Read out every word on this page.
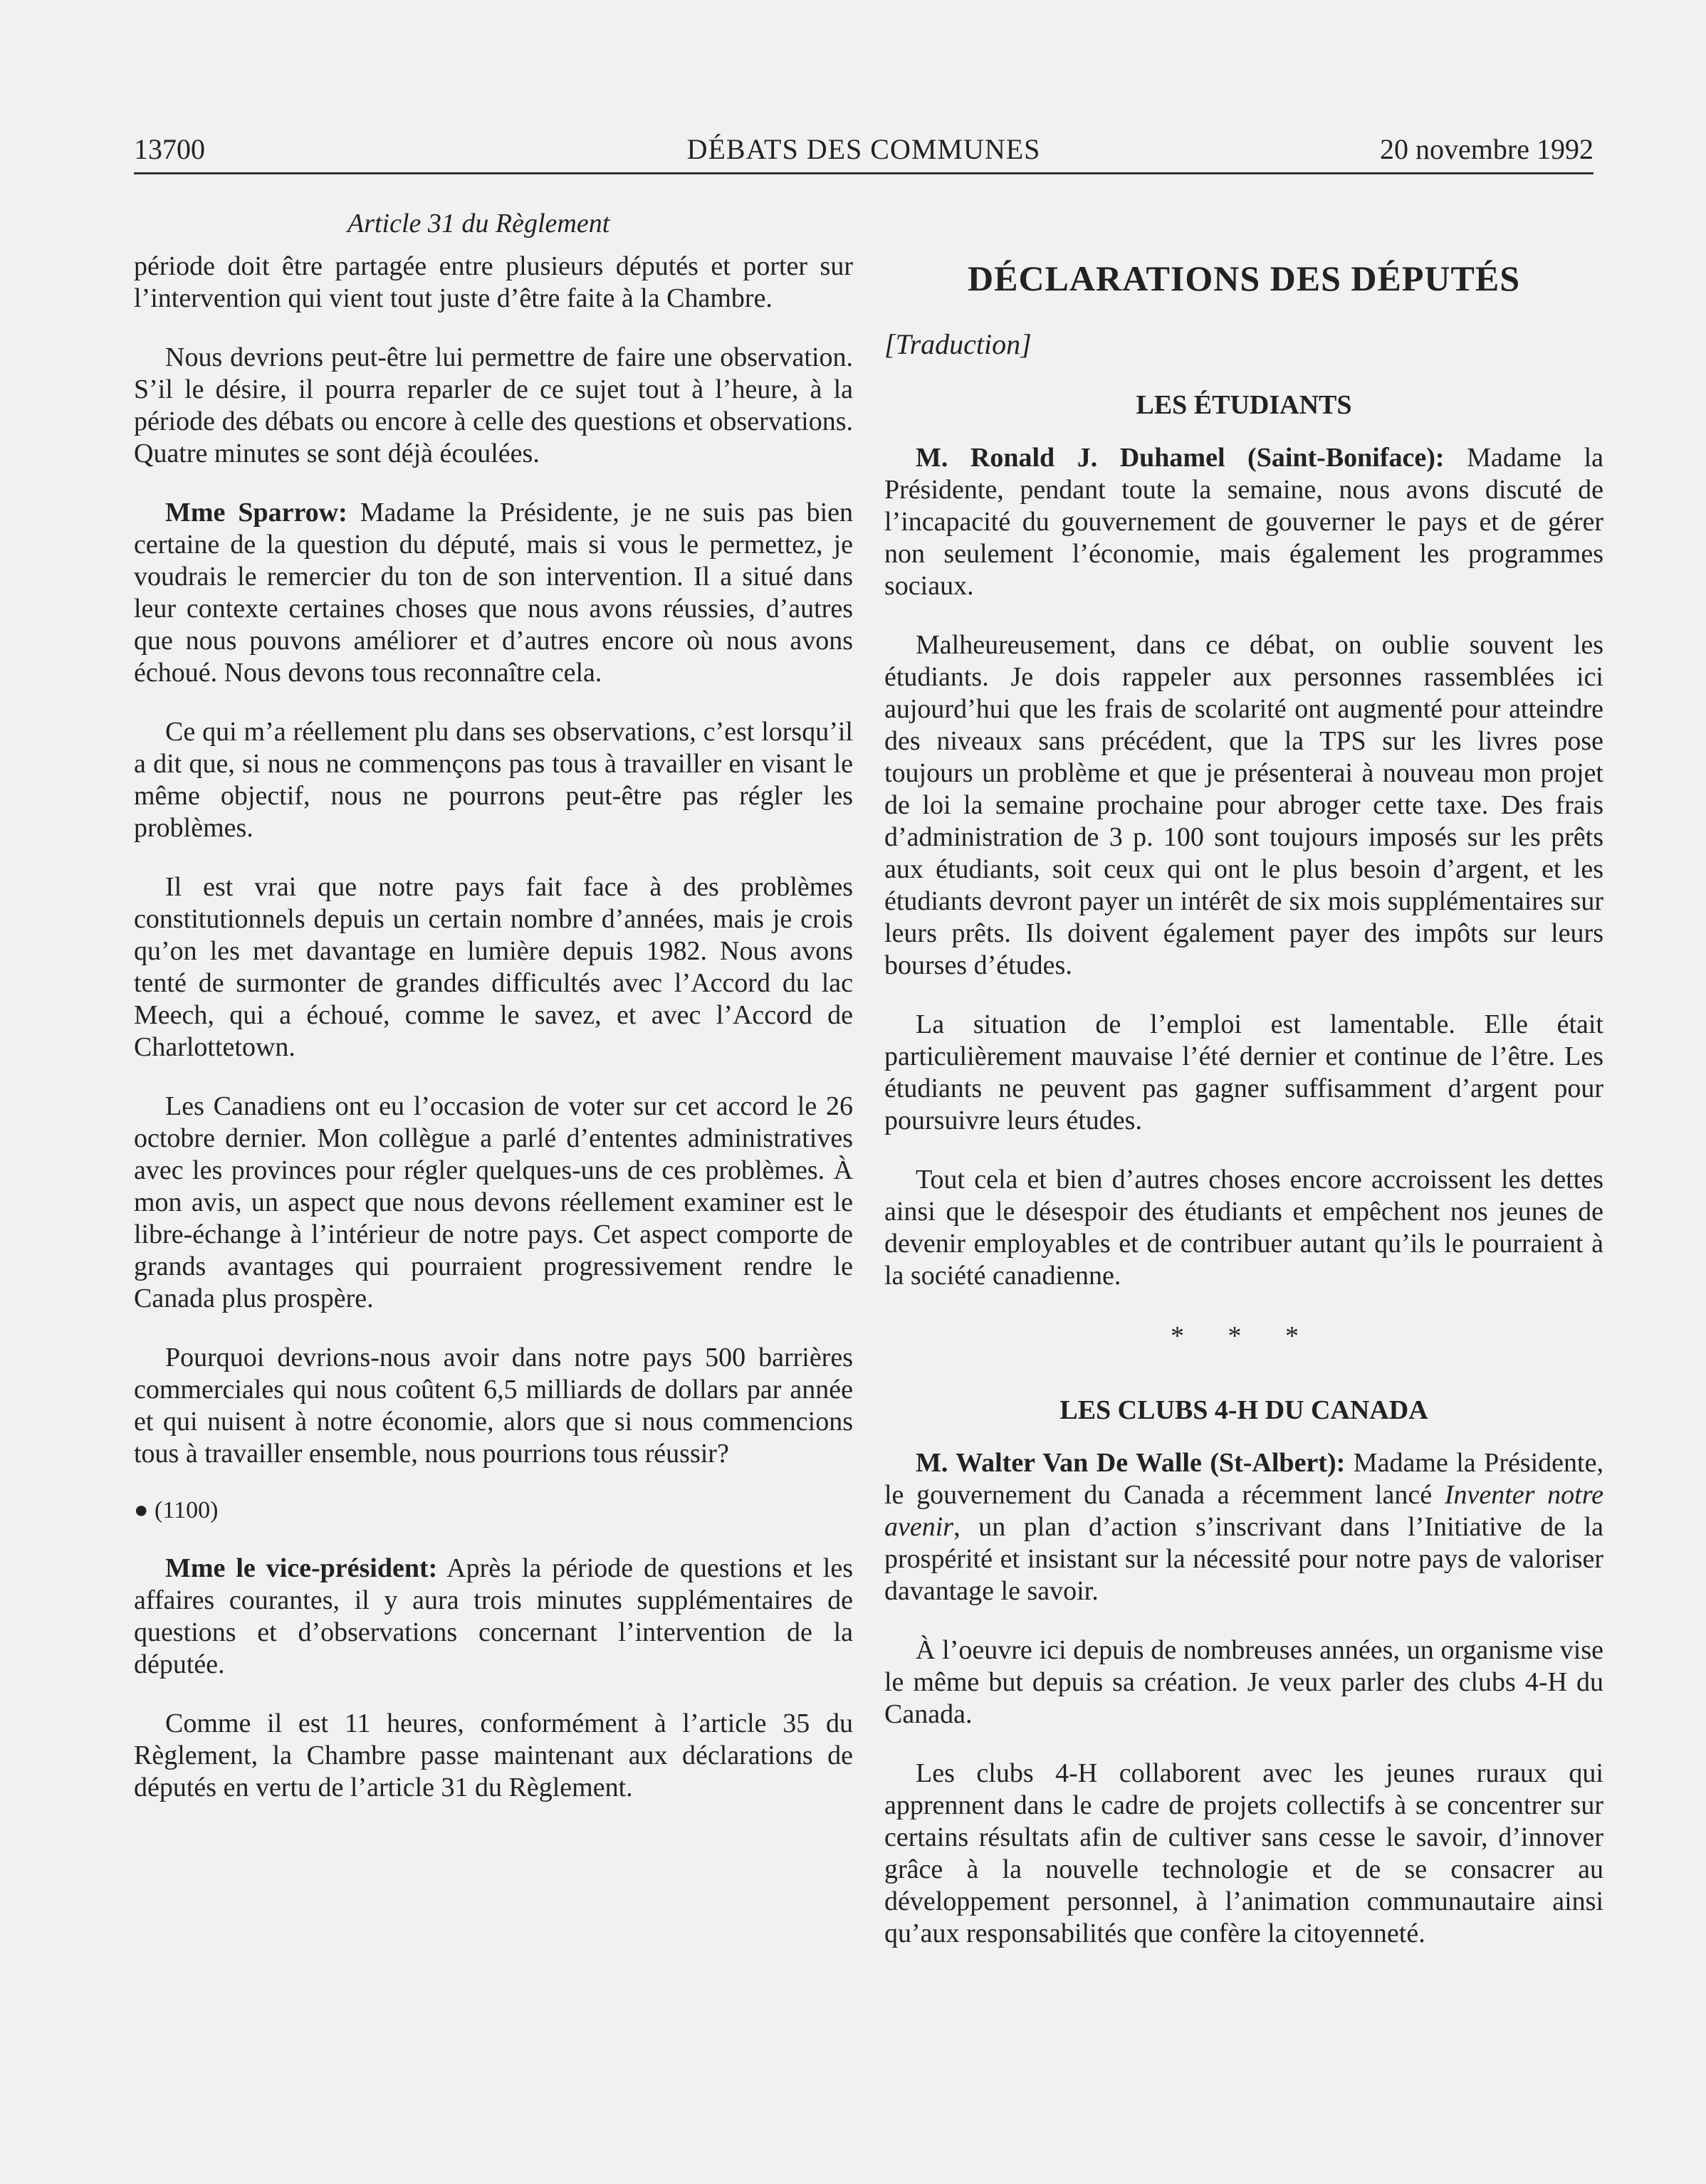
DÉBATS DES COMMUNES
13700	20 novembre 1992
Article 31 du Règlement

période doit être partagée entre plusieurs députés et porter sur l’intervention qui vient tout juste d’être faite à la Chambre.

Nous devrions peut-être lui permettre de faire une observation. S’il le désire, il pourra reparler de ce sujet tout à l’heure, à la période des débats ou encore à celle des questions et observations. Quatre minutes se sont déjà écoulées.

Mme Sparrow: Madame la Présidente, je ne suis pas bien certaine de la question du député, mais si vous le permettez, je voudrais le remercier du ton de son intervention. Il a situé dans leur contexte certaines choses que nous avons réussies, d’autres que nous pouvons améliorer et d’autres encore où nous avons échoué. Nous devons tous reconnaître cela.

Ce qui m’a réellement plu dans ses observations, c’est lorsqu’il a dit que, si nous ne commençons pas tous à travailler en visant le même objectif, nous ne pourrons peut-être pas régler les problèmes.

Il est vrai que notre pays fait face à des problèmes constitutionnels depuis un certain nombre d’années, mais je crois qu’on les met davantage en lumière depuis 1982. Nous avons tenté de surmonter de grandes difficultés avec l’Accord du lac Meech, qui a échoué, comme le savez, et avec l’Accord de Charlottetown.

Les Canadiens ont eu l’occasion de voter sur cet accord le 26 octobre dernier. Mon collègue a parlé d’ententes administratives avec les provinces pour régler quelques-uns de ces problèmes. À mon avis, un aspect que nous devons réellement examiner est le libre-échange à l’intérieur de notre pays. Cet aspect comporte de grands avantages qui pourraient progressivement rendre le Canada plus prospère.

Pourquoi devrions-nous avoir dans notre pays 500 barrières commerciales qui nous coûtent 6,5 milliards de dollars par année et qui nuisent à notre économie, alors que si nous commencions tous à travailler ensemble, nous pourrions tous réussir?

● (1100)

Mme le vice-président: Après la période de questions et les affaires courantes, il y aura trois minutes supplémentaires de questions et d’observations concernant l’intervention de la députée.

Comme il est 11 heures, conformément à l’article 35 du Règlement, la Chambre passe maintenant aux déclarations de députés en vertu de l’article 31 du Règlement.

DÉCLARATIONS DES DÉPUTÉS
[Traduction]
LES ÉTUDIANTS

M. Ronald J. Duhamel (Saint-Boniface): Madame la Présidente, pendant toute la semaine, nous avons discuté de l’incapacité du gouvernement de gouverner le pays et de gérer non seulement l’économie, mais également les programmes sociaux.

Malheureusement, dans ce débat, on oublie souvent les étudiants. Je dois rappeler aux personnes rassemblées ici aujourd’hui que les frais de scolarité ont augmenté pour atteindre des niveaux sans précédent, que la TPS sur les livres pose toujours un problème et que je présenterai à nouveau mon projet de loi la semaine prochaine pour abroger cette taxe. Des frais d’administration de 3 p. 100 sont toujours imposés sur les prêts aux étudiants, soit ceux qui ont le plus besoin d’argent, et les étudiants devront payer un intérêt de six mois supplémentaires sur leurs prêts. Ils doivent également payer des impôts sur leurs bourses d’études.

La situation de l’emploi est lamentable. Elle était particulièrement mauvaise l’été dernier et continue de l’être. Les étudiants ne peuvent pas gagner suffisamment d’argent pour poursuivre leurs études.

Tout cela et bien d’autres choses encore accroissent les dettes ainsi que le désespoir des étudiants et empêchent nos jeunes de devenir employables et de contribuer autant qu’ils le pourraient à la société canadienne.

* * *
LES CLUBS 4-H DU CANADA

M. Walter Van De Walle (St-Albert): Madame la Présidente, le gouvernement du Canada a récemment lancé Inventer notre avenir, un plan d’action s’inscrivant dans l’Initiative de la prospérité et insistant sur la nécessité pour notre pays de valoriser davantage le savoir.

À l’oeuvre ici depuis de nombreuses années, un organisme vise le même but depuis sa création. Je veux parler des clubs 4-H du Canada.

Les clubs 4-H collaborent avec les jeunes ruraux qui apprennent dans le cadre de projets collectifs à se concentrer sur certains résultats afin de cultiver sans cesse le savoir, d’innover grâce à la nouvelle technologie et de se consacrer au développement personnel, à l’animation communautaire ainsi qu’aux responsabilités que confère la citoyenneté.
